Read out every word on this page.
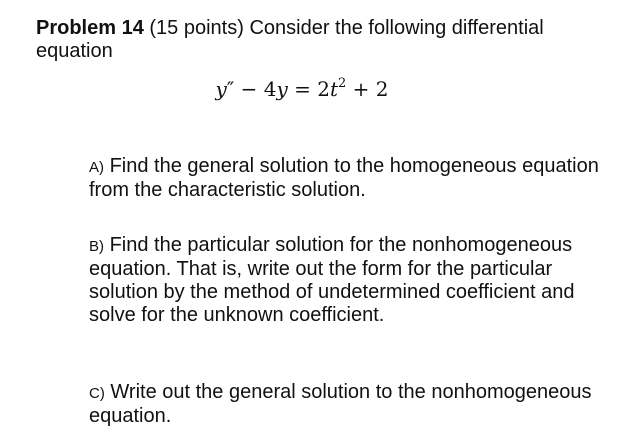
Problem 14 (15 points) Consider the following differential equation
$y'' - 4y = 2t^2 + 2$
A) Find the general solution to the homogeneous equation from the characteristic solution.
B) Find the particular solution for the nonhomogeneous equation. That is, write out the form for the particular solution by the method of undetermined coefficient and solve for the unknown coefficient.
C) Write out the general solution to the nonhomogeneous equation.
